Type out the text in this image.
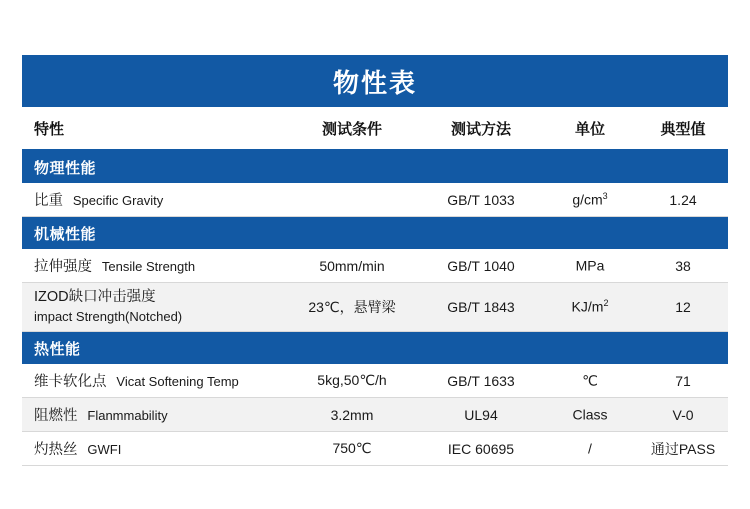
物性表				
特性	测试条件	测试方法	单位	典型值
物理性能				
比重 Specific Gravity		GB/T 1033	$g/cm^3$	1.24
机械性能				
拉伸强度 Tensile Strength	50mm/min	GB/T 1040	MPa	38

IZOD缺口冲击强度
impact Strength(Notched)	23℃，悬臂梁	GB/T 1843	$KJ/m^2$	12
热性能				
维卡软化点 Vicat Softening Temp	5kg,50℃/h	GB/T 1633	℃	71
阻燃性 Flanmmability	3.2mm	UL94	Class	V-0
灼热丝 GWFI	750℃	IEC 60695	/	通过PASS
